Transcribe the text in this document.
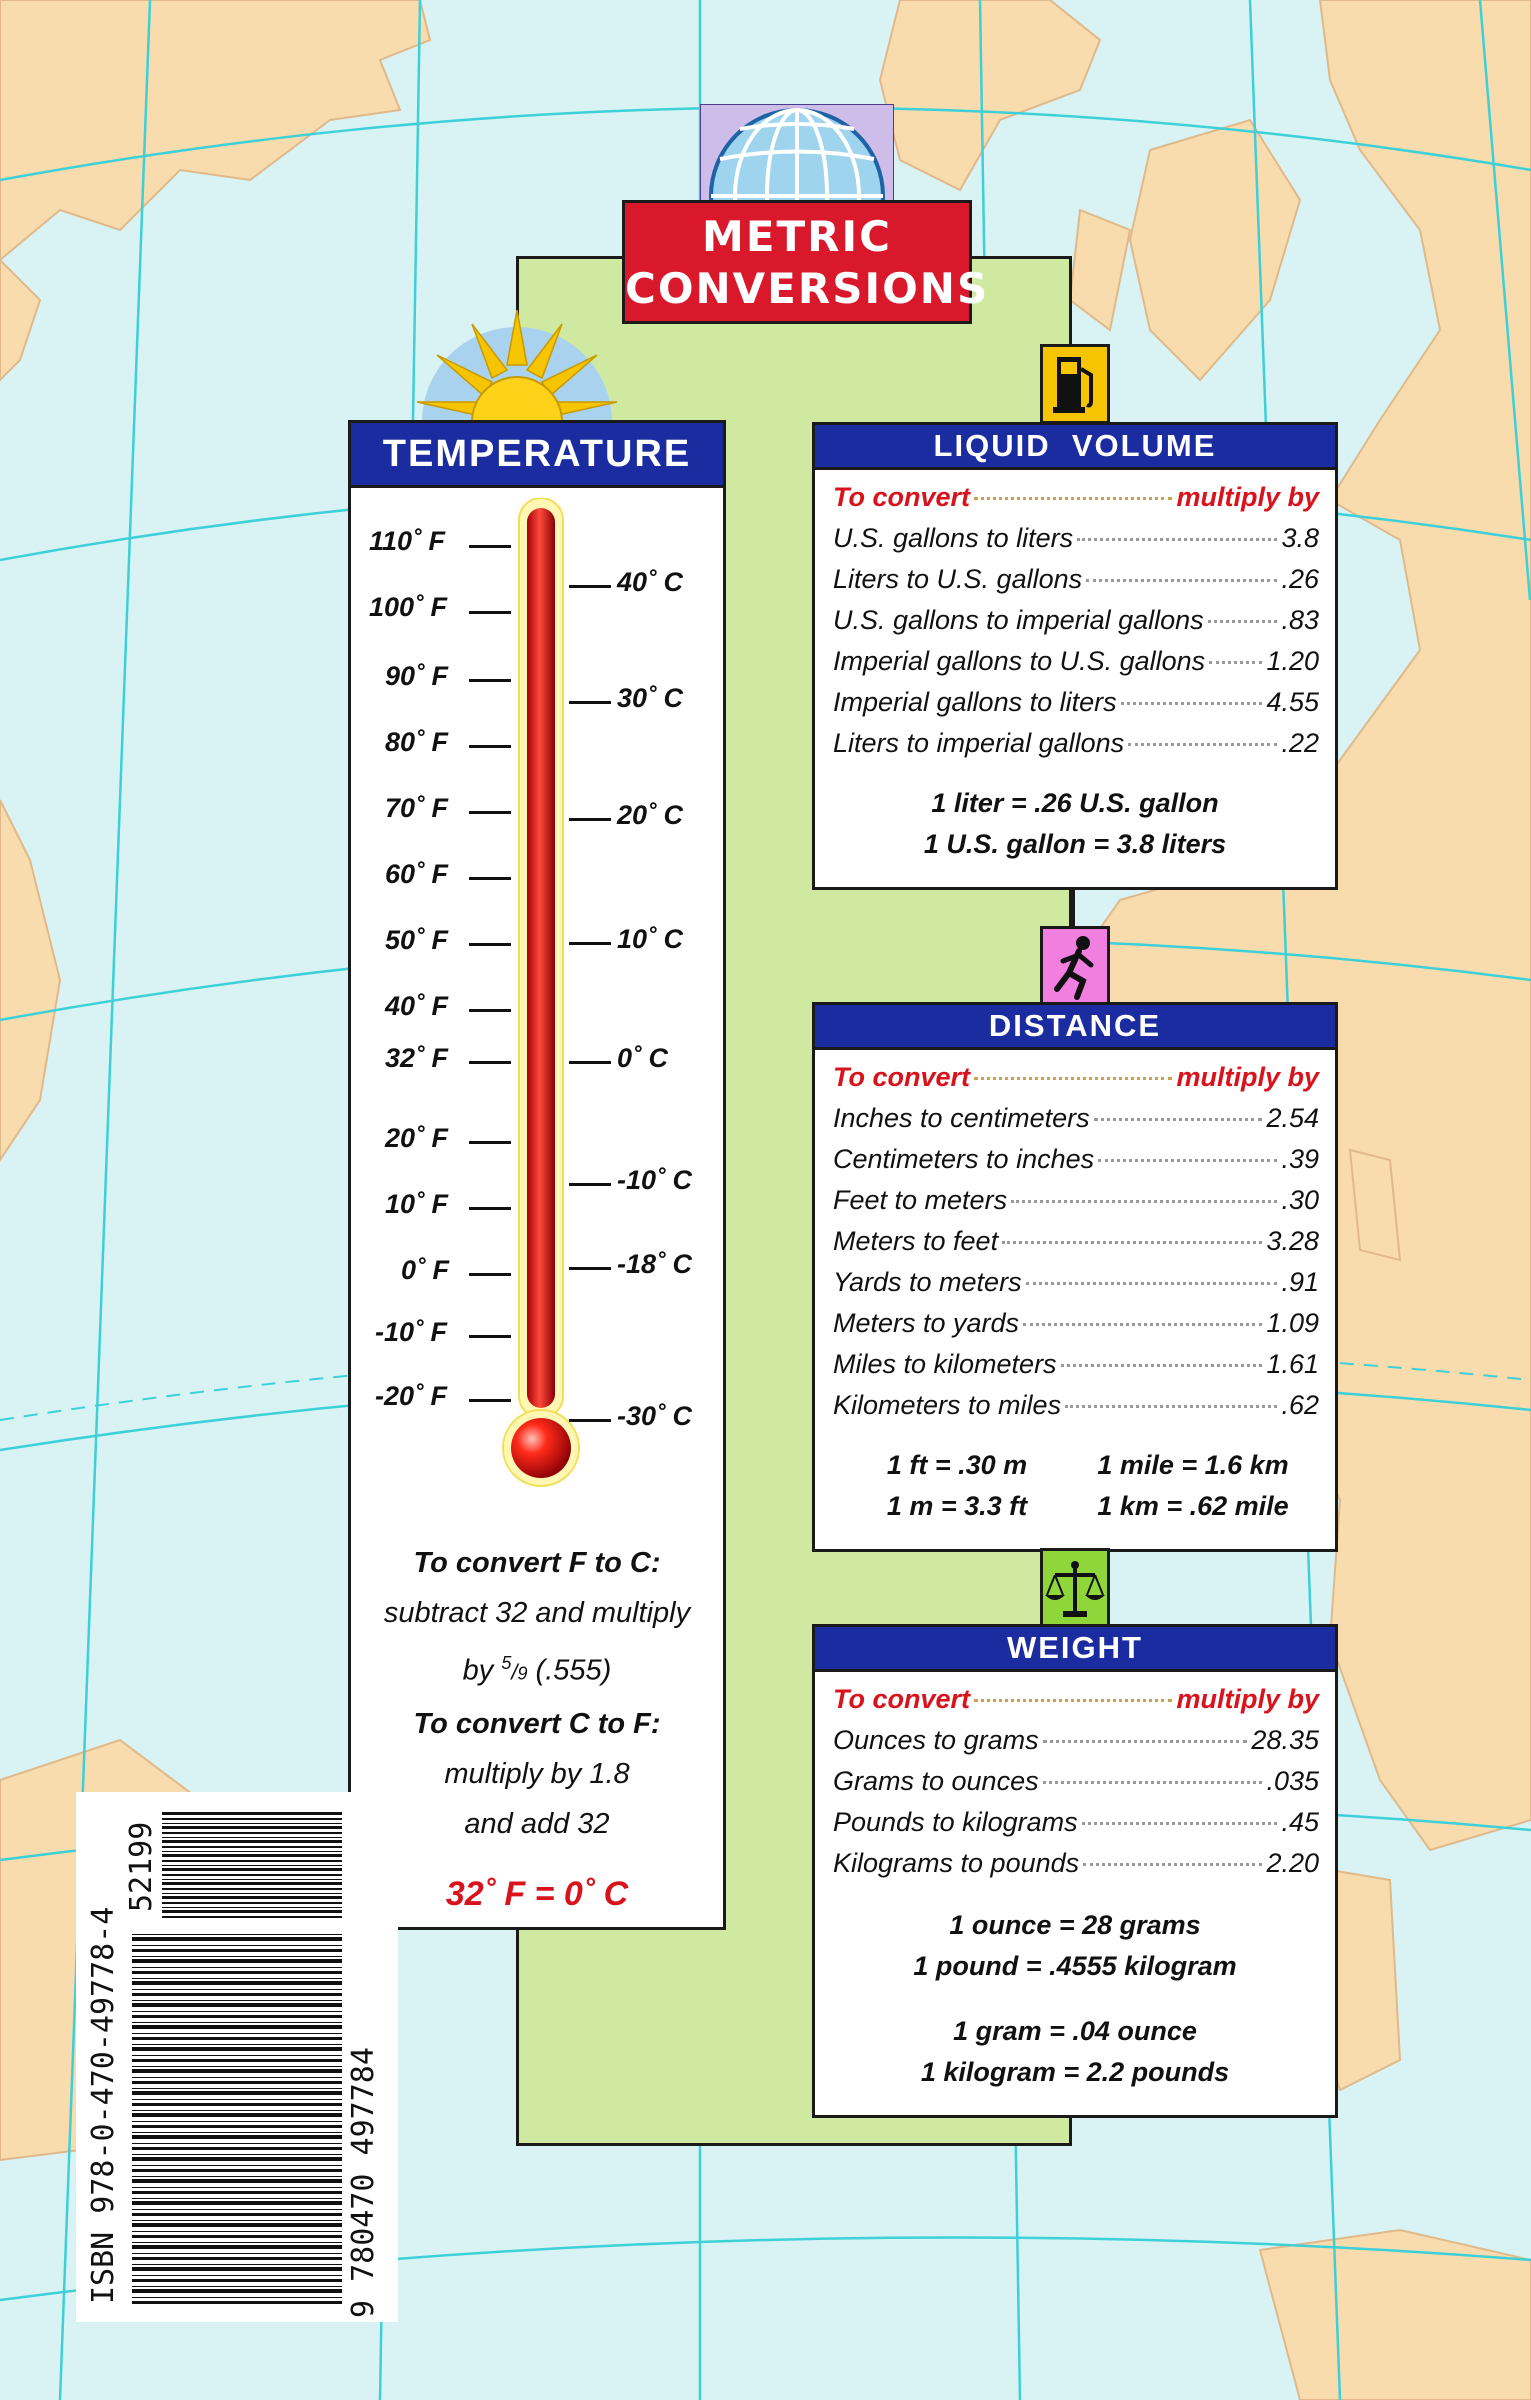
METRIC
CONVERSIONS
TEMPERATURE
110˚ F
100˚ F
90˚ F
80˚ F
70˚ F
60˚ F
50˚ F
40˚ F
32˚ F
20˚ F
10˚ F
0˚ F
-10˚ F
-20˚ F
40˚ C
30˚ C
20˚ C
10˚ C
0˚ C
-10˚ C
-18˚ C
-30˚ C
To convert F to C:
subtract 32 and multiply
by $^5$/9 (.555)
To convert C to F:
multiply by 1.8
and add 32
32˚ F = 0˚ C
LIQUID  VOLUME
To convert	multiply by
U.S. gallons to liters	3.8
Liters to U.S. gallons	.26
U.S. gallons to imperial gallons	.83
Imperial gallons to U.S. gallons 1.20
Imperial gallons to liters	4.55
Liters to imperial gallons	.22
1 liter = .26 U.S. gallon
1 U.S. gallon = 3.8 liters
DISTANCE
To convert	multiply by
Inches to centimeters	2.54
Centimeters to inches	.39
Feet to meters	.30
Meters to feet	3.28
Yards to meters	.91
Meters to yards	1.09
Miles to kilometers	1.61
Kilometers to miles	.62
1 ft = .30 m	1 mile = 1.6 km
1 m = 3.3 ft	1 km = .62 mile
WEIGHT
To convert	multiply by
Ounces to grams	28.35
Grams to ounces	.035
Pounds to kilograms	.45
Kilograms to pounds	2.20
1 ounce = 28 grams
1 pound = .4555 kilogram
1 gram = .04 ounce
1 kilogram = 2.2 pounds
ISBN 978-0-470-49778-4
52199
9 780470 497784
